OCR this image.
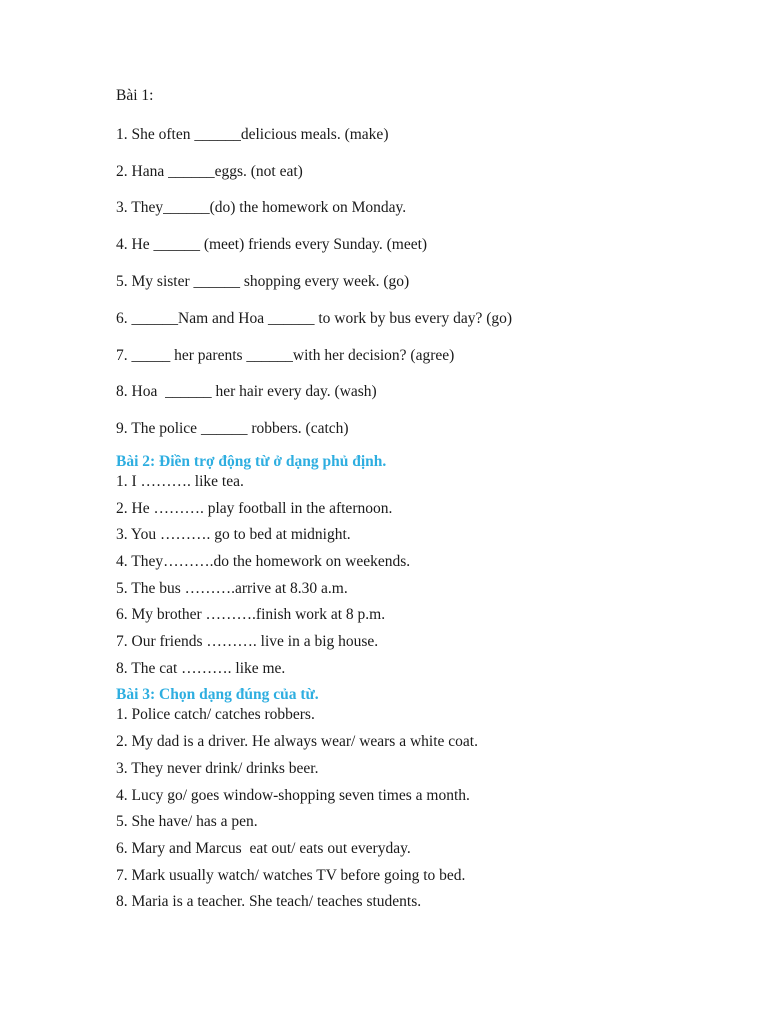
Bài 1:

1. She often ______delicious meals. (make)

2. Hana ______eggs. (not eat)

3. They______(do) the homework on Monday.

4. He ______ (meet) friends every Sunday. (meet)

5. My sister ______ shopping every week. (go)

6. ______Nam and Hoa ______ to work by bus every day? (go)

7. _____ her parents ______with her decision? (agree)

8. Hoa  ______ her hair every day. (wash)

9. The police ______ robbers. (catch)

Bài 2: Điền trợ động từ ở dạng phủ định.

1. I ………. like tea.

2. He ………. play football in the afternoon.

3. You ………. go to bed at midnight.

4. They……….do the homework on weekends.

5. The bus ……….arrive at 8.30 a.m.

6. My brother ……….finish work at 8 p.m.

7. Our friends ………. live in a big house.

8. The cat ………. like me.

Bài 3: Chọn dạng đúng của từ.

1. Police catch/ catches robbers.

2. My dad is a driver. He always wear/ wears a white coat.

3. They never drink/ drinks beer.

4. Lucy go/ goes window-shopping seven times a month.

5. She have/ has a pen.

6. Mary and Marcus  eat out/ eats out everyday.

7. Mark usually watch/ watches TV before going to bed.

8. Maria is a teacher. She teach/ teaches students.
